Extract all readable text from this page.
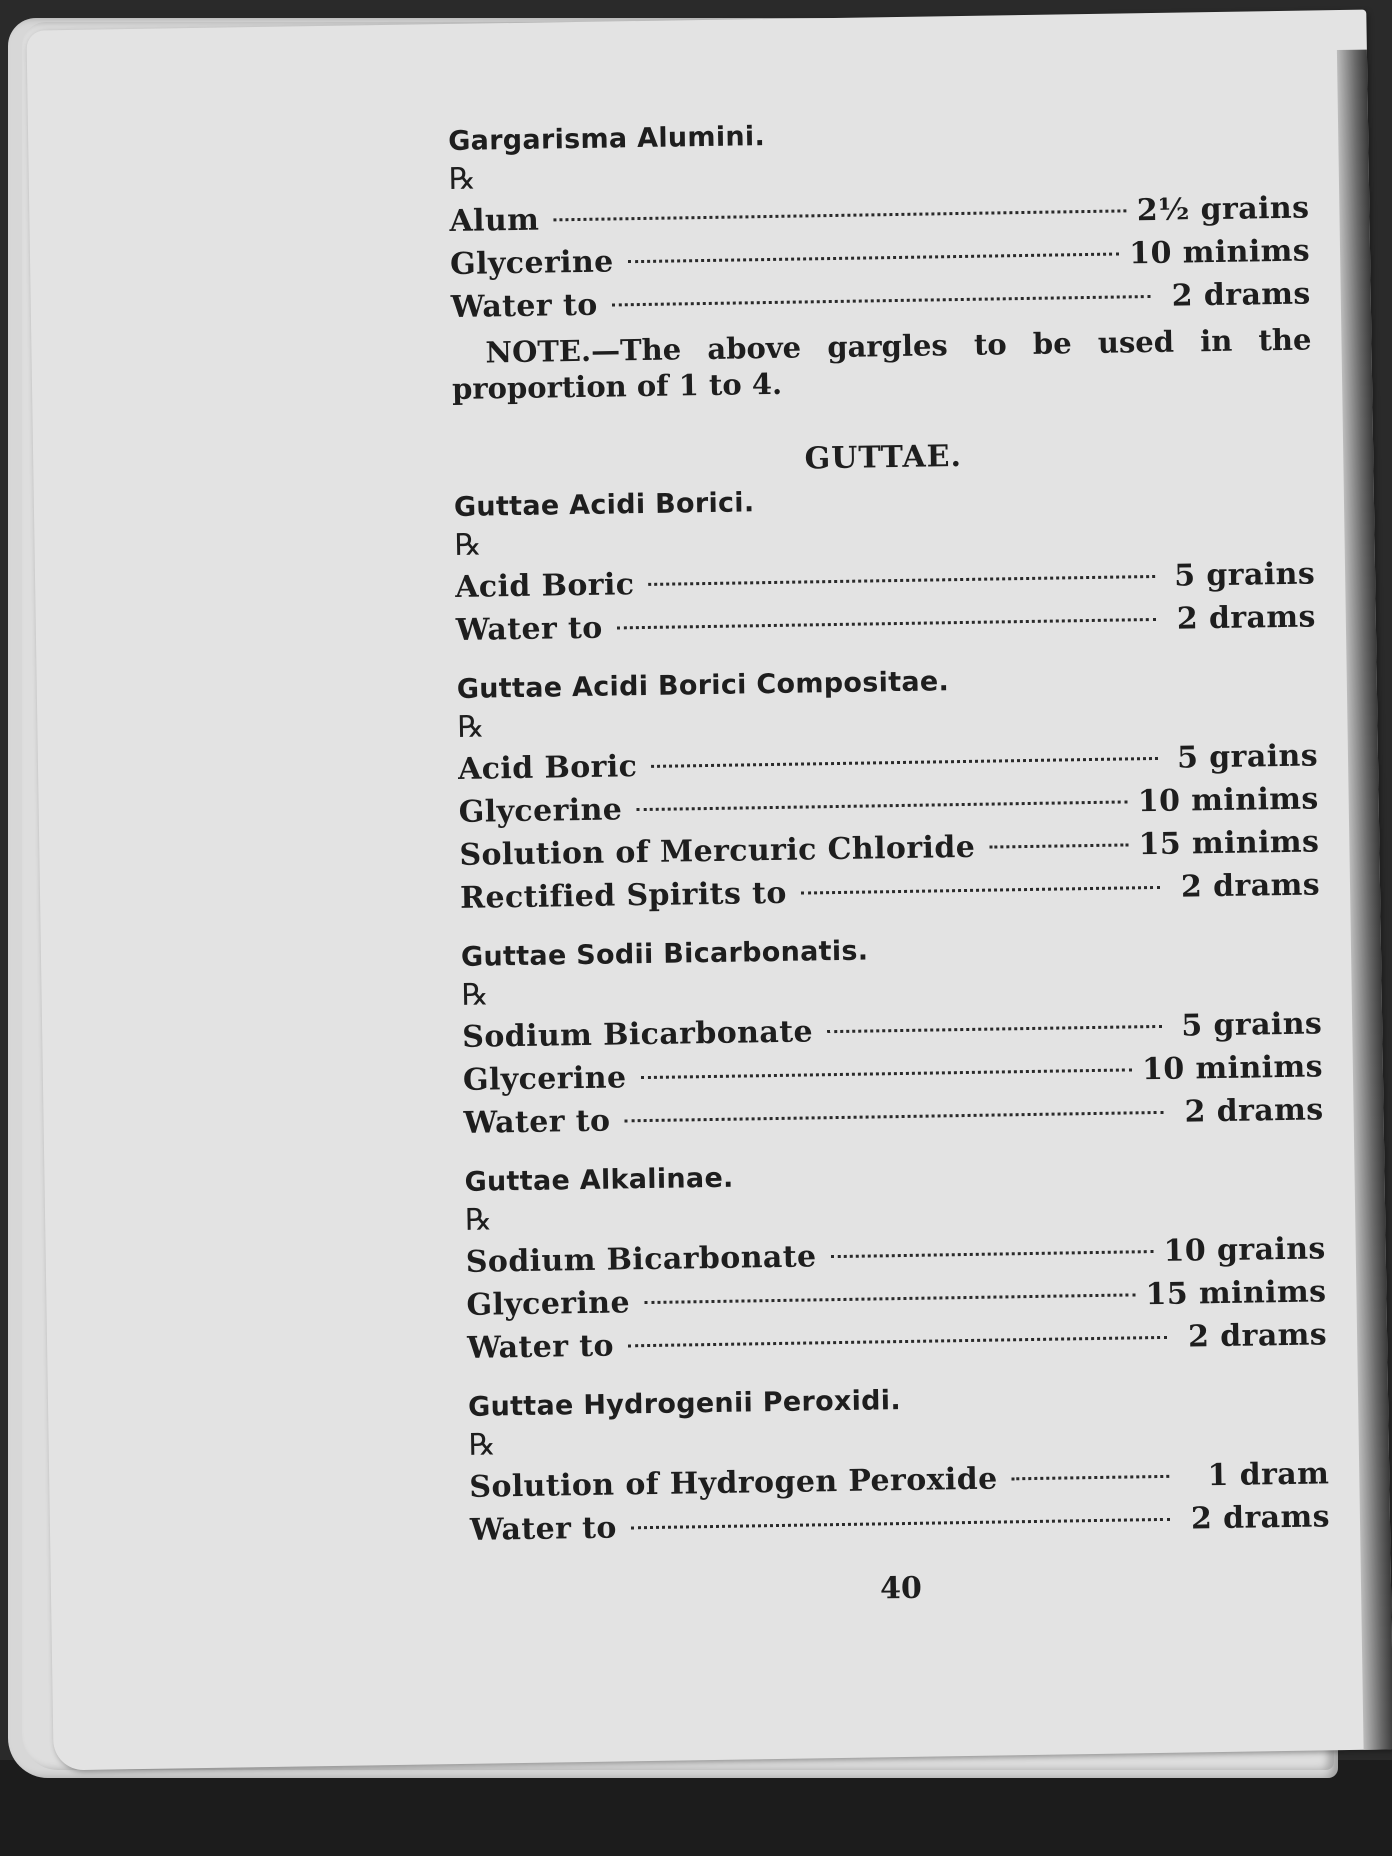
Gargarisma Alumini.

℞

Alum	2½ grains
Glycerine	10 minims
Water to	2 drams

NOTE.—The above gargles to be used in the proportion of 1 to 4.

GUTTAE.

Guttae Acidi Borici.

℞

Acid Boric	5 grains
Water to	2 drams

Guttae Acidi Borici Compositae.

℞

Acid Boric	5 grains
Glycerine	10 minims
Solution of Mercuric Chloride	15 minims
Rectified Spirits to	2 drams

Guttae Sodii Bicarbonatis.

℞

Sodium Bicarbonate	5 grains
Glycerine	10 minims
Water to	2 drams

Guttae Alkalinae.

℞

Sodium Bicarbonate	10 grains
Glycerine	15 minims
Water to	2 drams

Guttae Hydrogenii Peroxidi.

℞

Solution of Hydrogen Peroxide	1 dram
Water to	2 drams
40
